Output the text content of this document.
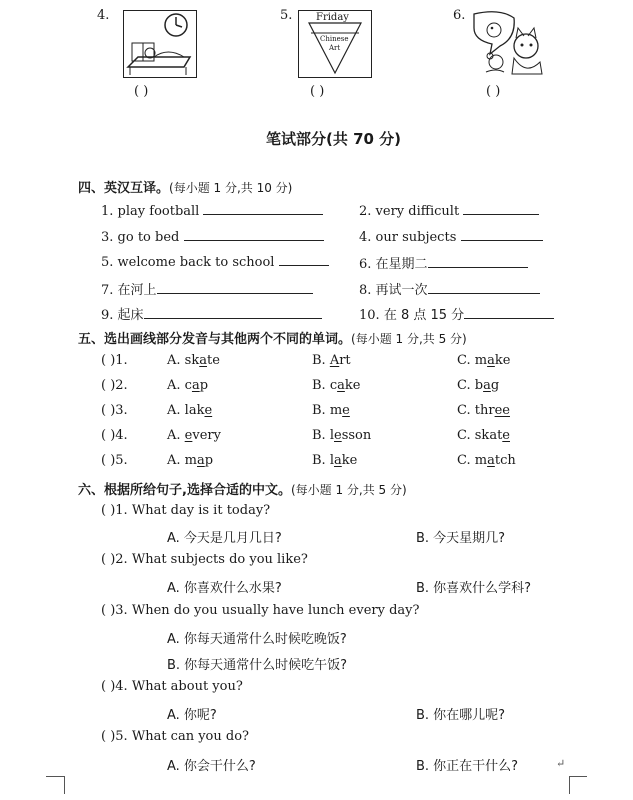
4.
( )
5. Friday
Chinese
Art
( )
6.
( )
笔试部分(共 70 分)
四、英汉互译。(每小题 1 分,共 10 分)
1. play football	2. very difficult
3. go to bed	4. our subjects
5. welcome back to school	6. 在星期二
7. 在河上	8. 再试一次
9. 起床	10. 在 8 点 15 分
五、选出画线部分发音与其他两个不同的单词。(每小题 1 分,共 5 分)
( )1.	A. skate	B. Art	C. make
( )2.	A. cap	B. cake	C. bag
( )3.	A. lake	B. me	C. three
( )4.	A. every	B. lesson	C. skate
( )5.	A. map	B. lake	C. match
六、根据所给句子,选择合适的中文。(每小题 1 分,共 5 分)
( )1. What day is it today?
A. 今天是几月几日?	B. 今天星期几?
( )2. What subjects do you like?
A. 你喜欢什么水果?	B. 你喜欢什么学科?
( )3. When do you usually have lunch every day?
A. 你每天通常什么时候吃晚饭?
B. 你每天通常什么时候吃午饭?
( )4. What about you?
A. 你呢?	B. 你在哪儿呢?
( )5. What can you do?
A. 你会干什么?	B. 你正在干什么?	↵
